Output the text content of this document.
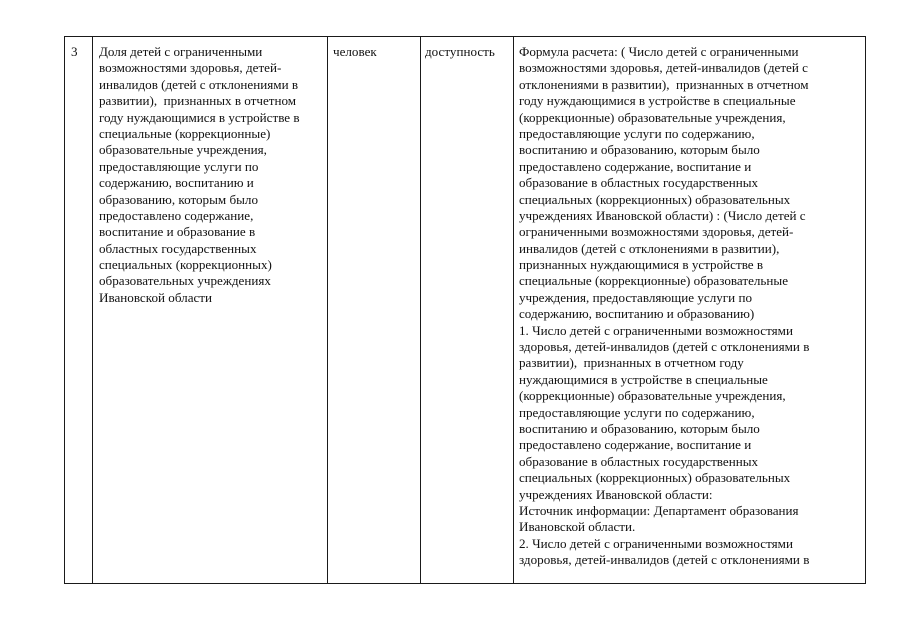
3 Доля детей с ограниченными
возможностями здоровья, детей-
инвалидов (детей с отклонениями в
развитии),  признанных в отчетном
году нуждающимися в устройстве в
специальные (коррекционные)
образовательные учреждения,
предоставляющие услуги по
содержанию, воспитанию и
образованию, которым было
предоставлено содержание,
воспитание и образование в
областных государственных
специальных (коррекционных)
образовательных учреждениях
Ивановской области
человек	доступность Формула расчета: ( Число детей с ограниченными
возможностями здоровья, детей-инвалидов (детей с
отклонениями в развитии),  признанных в отчетном
году нуждающимися в устройстве в специальные
(коррекционные) образовательные учреждения,
предоставляющие услуги по содержанию,
воспитанию и образованию, которым было
предоставлено содержание, воспитание и
образование в областных государственных
специальных (коррекционных) образовательных
учреждениях Ивановской области) : (Число детей с
ограниченными возможностями здоровья, детей-
инвалидов (детей с отклонениями в развитии),
признанных нуждающимися в устройстве в
специальные (коррекционные) образовательные
учреждения, предоставляющие услуги по
содержанию, воспитанию и образованию)
1. Число детей с ограниченными возможностями
здоровья, детей-инвалидов (детей с отклонениями в
развитии),  признанных в отчетном году
нуждающимися в устройстве в специальные
(коррекционные) образовательные учреждения,
предоставляющие услуги по содержанию,
воспитанию и образованию, которым было
предоставлено содержание, воспитание и
образование в областных государственных
специальных (коррекционных) образовательных
учреждениях Ивановской области:
Источник информации: Департамент образования
Ивановской области.
2. Число детей с ограниченными возможностями
здоровья, детей-инвалидов (детей с отклонениями в
